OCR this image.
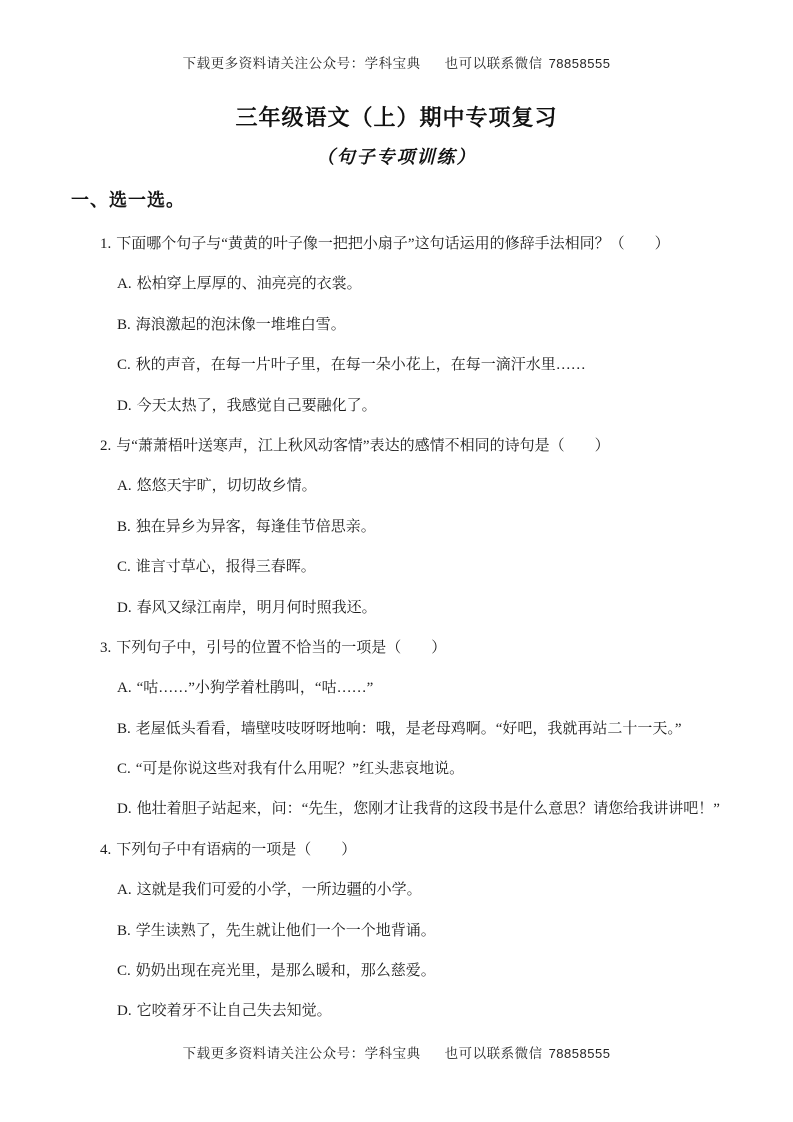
下载更多资料请关注公众号：学科宝典 也可以联系微信 78858555
三年级语文（上）期中专项复习
（句子专项训练）
一、选一选。
1. 下面哪个句子与“黄黄的叶子像一把把小扇子”这句话运用的修辞手法相同？（　　）
A. 松柏穿上厚厚的、油亮亮的衣裳。
B. 海浪激起的泡沫像一堆堆白雪。
C. 秋的声音，在每一片叶子里，在每一朵小花上，在每一滴汗水里……
D. 今天太热了，我感觉自己要融化了。
2. 与“萧萧梧叶送寒声，江上秋风动客情”表达的感情不相同的诗句是（　　）
A. 悠悠天宇旷，切切故乡情。
B. 独在异乡为异客，每逢佳节倍思亲。
C. 谁言寸草心，报得三春晖。
D. 春风又绿江南岸，明月何时照我还。
3. 下列句子中，引号的位置不恰当的一项是（　　）
A. “咕……”小狗学着杜鹃叫，“咕……”
B. 老屋低头看看，墙壁吱吱呀呀地响：哦，是老母鸡啊。“好吧，我就再站二十一天。”
C. “可是你说这些对我有什么用呢？”红头悲哀地说。
D. 他壮着胆子站起来，问：“先生，您刚才让我背的这段书是什么意思？请您给我讲讲吧！”
4. 下列句子中有语病的一项是（　　）
A. 这就是我们可爱的小学，一所边疆的小学。
B. 学生读熟了，先生就让他们一个一个地背诵。
C. 奶奶出现在亮光里，是那么暖和，那么慈爱。
D. 它咬着牙不让自己失去知觉。
下载更多资料请关注公众号：学科宝典 也可以联系微信 78858555
